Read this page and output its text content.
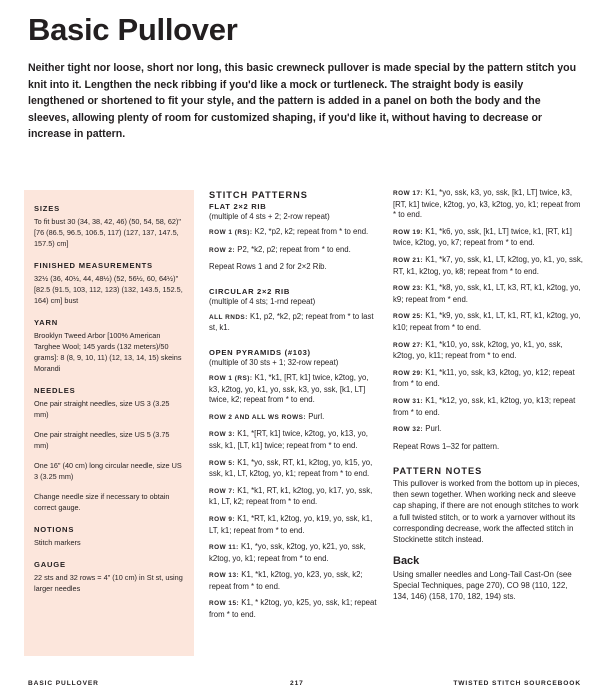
Basic Pullover
Neither tight nor loose, short nor long, this basic crewneck pullover is made special by the pattern stitch you knit into it. Lengthen the neck ribbing if you'd like a mock or turtleneck. The straight body is easily lengthened or shortened to fit your style, and the pattern is added in a panel on both the body and the sleeves, allowing plenty of room for customized shaping, if you'd like it, without having to decrease or increase in pattern.
SIZES
To fit bust 30 (34, 38, 42, 46) (50, 54, 58, 62)" [76 (86.5, 96.5, 106.5, 117) (127, 137, 147.5, 157.5) cm]
FINISHED MEASUREMENTS
32½ (36, 40½, 44, 48½) (52, 56½, 60, 64½)" [82.5 (91.5, 103, 112, 123) (132, 143.5, 152.5, 164) cm] bust
YARN
Brooklyn Tweed Arbor [100% American Targhee Wool; 145 yards (132 meters)/50 grams]: 8 (8, 9, 10, 11) (12, 13, 14, 15) skeins Morandi
NEEDLES
One pair straight needles, size US 3 (3.25 mm)
One pair straight needles, size US 5 (3.75 mm)
One 16" (40 cm) long circular needle, size US 3 (3.25 mm)
Change needle size if necessary to obtain correct gauge.
NOTIONS
Stitch markers
GAUGE
22 sts and 32 rows = 4" (10 cm) in St st, using larger needles
STITCH PATTERNS
FLAT 2×2 RIB
(multiple of 4 sts + 2; 2-row repeat)
ROW 1 (RS): K2, *p2, k2; repeat from * to end.
ROW 2: P2, *k2, p2; repeat from * to end.
Repeat Rows 1 and 2 for 2×2 Rib.
CIRCULAR 2×2 RIB
(multiple of 4 sts; 1-rnd repeat)
ALL RNDS: K1, p2, *k2, p2; repeat from * to last st, k1.
OPEN PYRAMIDS (#103)
(multiple of 30 sts + 1; 32-row repeat)
ROW 1 (RS): K1, *k1, [RT, k1] twice, k2tog, yo, k3, k2tog, yo, k1, yo, ssk, k3, yo, ssk, [k1, LT] twice, k2; repeat from * to end.
ROW 2 AND ALL WS ROWS: Purl.
ROW 3: K1, *[RT, k1] twice, k2tog, yo, k13, yo, ssk, k1, [LT, k1] twice; repeat from * to end.
ROW 5: K1, *yo, ssk, RT, k1, k2tog, yo, k15, yo, ssk, k1, LT, k2tog, yo, k1; repeat from * to end.
ROW 7: K1, *k1, RT, k1, k2tog, yo, k17, yo, ssk, k1, LT, k2; repeat from * to end.
ROW 9: K1, *RT, k1, k2tog, yo, k19, yo, ssk, k1, LT, k1; repeat from * to end.
ROW 11: K1, *yo, ssk, k2tog, yo, k21, yo, ssk, k2tog, yo, k1; repeat from * to end.
ROW 13: K1, *k1, k2tog, yo, k23, yo, ssk, k2; repeat from * to end.
ROW 15: K1, * k2tog, yo, k25, yo, ssk, k1; repeat from * to end.
ROW 17: K1, *yo, ssk, k3, yo, ssk, [k1, LT] twice, k3, [RT, k1] twice, k2tog, yo, k3, k2tog, yo, k1; repeat from * to end.
ROW 19: K1, *k6, yo, ssk, [k1, LT] twice, k1, [RT, k1] twice, k2tog, yo, k7; repeat from * to end.
ROW 21: K1, *k7, yo, ssk, k1, LT, k2tog, yo, k1, yo, ssk, RT, k1, k2tog, yo, k8; repeat from * to end.
ROW 23: K1, *k8, yo, ssk, k1, LT, k3, RT, k1, k2tog, yo, k9; repeat from * end.
ROW 25: K1, *k9, yo, ssk, k1, LT, k1, RT, k1, k2tog, yo, k10; repeat from * to end.
ROW 27: K1, *k10, yo, ssk, k2tog, yo, k1, yo, ssk, k2tog, yo, k11; repeat from * to end.
ROW 29: K1, *k11, yo, ssk, k3, k2tog, yo, k12; repeat from * to end.
ROW 31: K1, *k12, yo, ssk, k1, k2tog, yo, k13; repeat from * to end.
ROW 32: Purl.
Repeat Rows 1–32 for pattern.
PATTERN NOTES
This pullover is worked from the bottom up in pieces, then sewn together. When working neck and sleeve cap shaping, if there are not enough stitches to work a full twisted stitch, or to work a yarnover without its corresponding decrease, work the affected stitch in Stockinette stitch instead.
Back
Using smaller needles and Long-Tail Cast-On (see Special Techniques, page 270), CO 98 (110, 122, 134, 146) (158, 170, 182, 194) sts.
BASIC PULLOVER	217	TWISTED STITCH SOURCEBOOK
